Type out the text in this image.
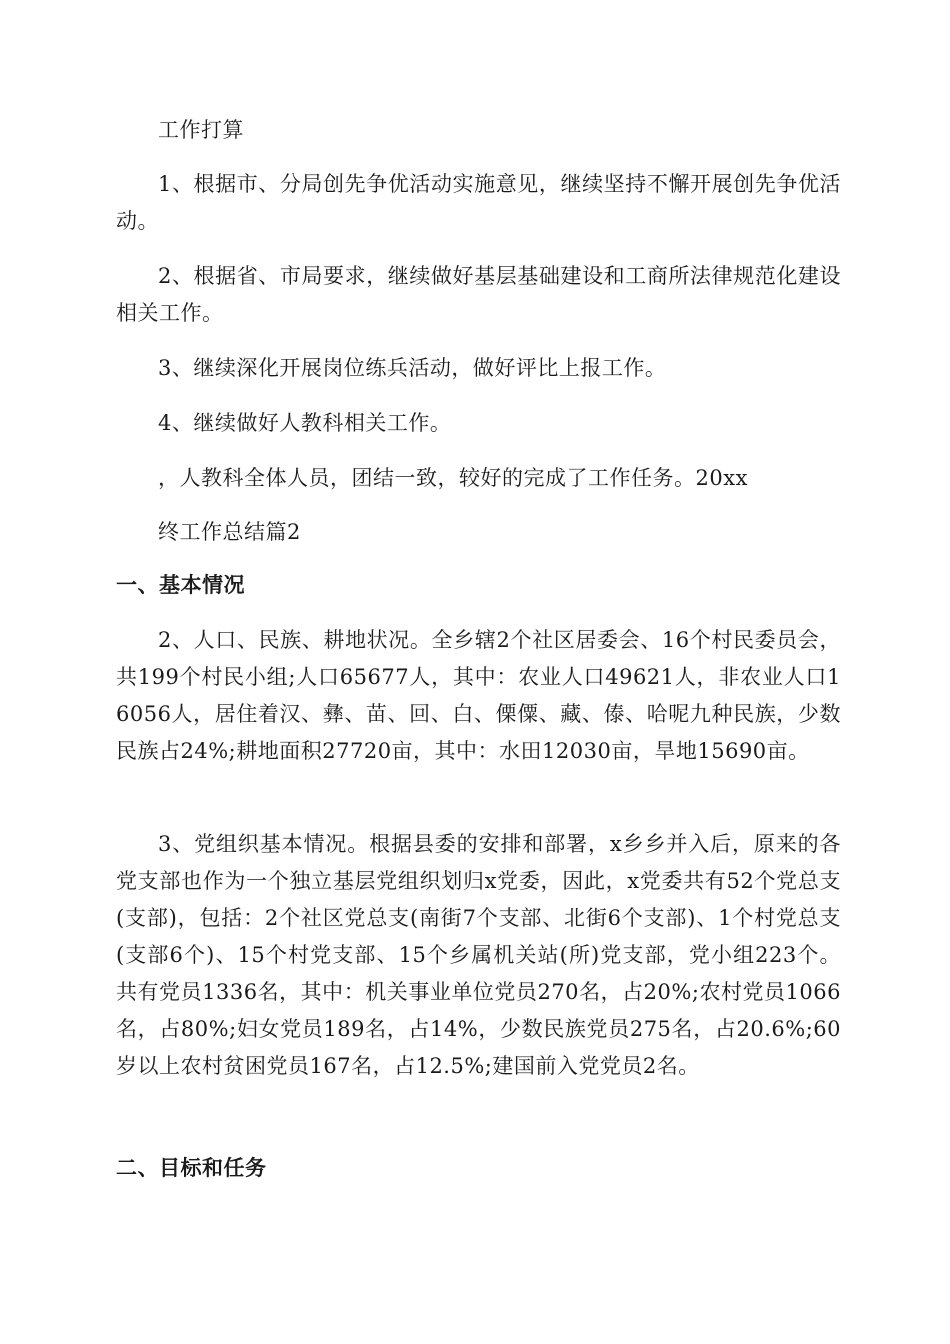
工作打算

1、根据市、分局创先争优活动实施意见，继续坚持不懈开展创先争优活动。

2、根据省、市局要求，继续做好基层基础建设和工商所法律规范化建设相关工作。

3、继续深化开展岗位练兵活动，做好评比上报工作。

4、继续做好人教科相关工作。

，人教科全体人员，团结一致，较好的完成了工作任务。20xx

终工作总结篇2

一、基本情况

2、人口、民族、耕地状况。全乡辖2个社区居委会、16个村民委员会，共199个村民小组;人口65677人，其中：农业人口49621人，非农业人口16056人，居住着汉、彝、苗、回、白、傈僳、藏、傣、哈呢九种民族，少数民族占24%;耕地面积27720亩，其中：水田12030亩，旱地15690亩。

3、党组织基本情况。根据县委的安排和部署，x乡乡并入后，原来的各党支部也作为一个独立基层党组织划归x党委，因此，x党委共有52个党总支(支部)，包括：2个社区党总支(南街7个支部、北街6个支部)、1个村党总支(支部6个)、15个村党支部、15个乡属机关站(所)党支部，党小组223个。共有党员1336名，其中：机关事业单位党员270名，占20%;农村党员1066名，占80%;妇女党员189名，占14%，少数民族党员275名，占20.6%;60岁以上农村贫困党员167名，占12.5%;建国前入党党员2名。

二、目标和任务
